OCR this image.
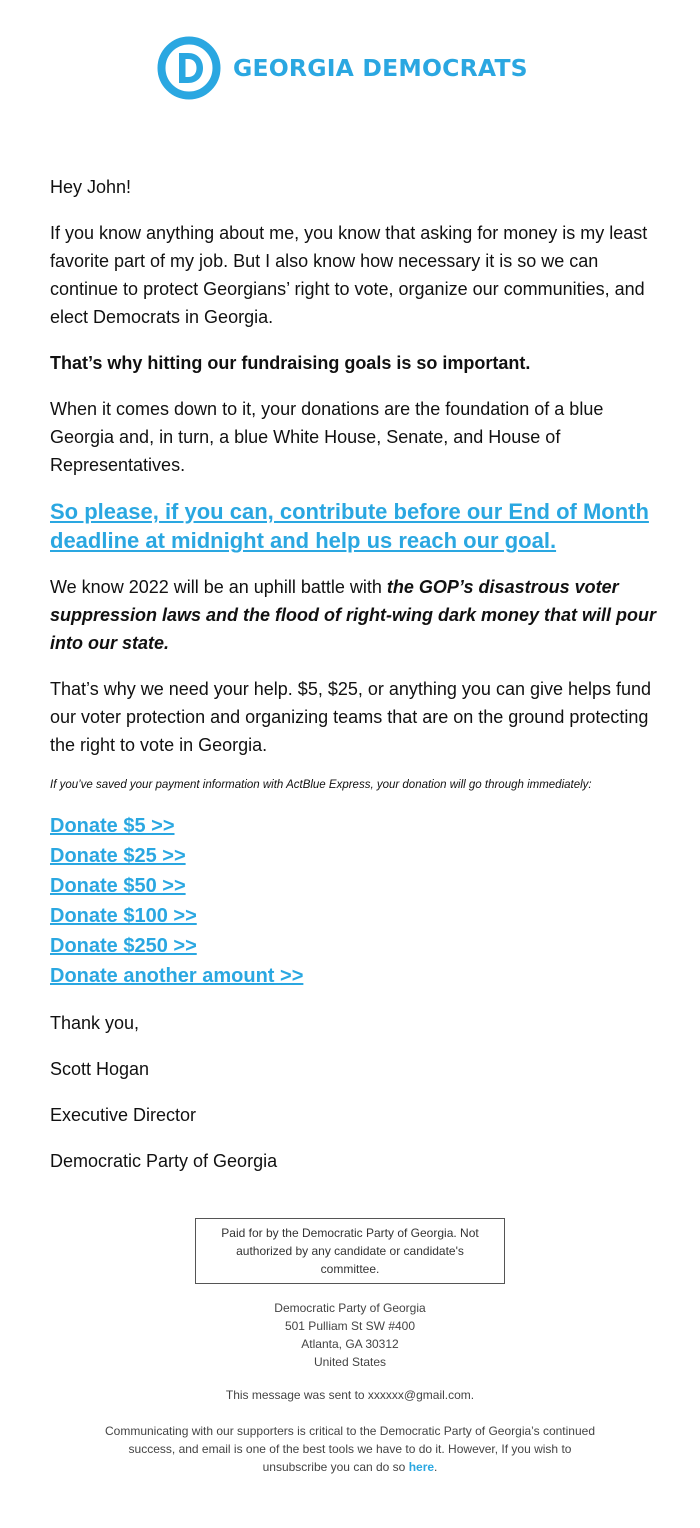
GEORGIA DEMOCRATS

Hey John!

If you know anything about me, you know that asking for money is my least favorite part of my job. But I also know how necessary it is so we can continue to protect Georgians’ right to vote, organize our communities, and elect Democrats in Georgia.

That’s why hitting our fundraising goals is so important.

When it comes down to it, your donations are the foundation of a blue Georgia and, in turn, a blue White House, Senate, and House of Representatives.

So please, if you can, contribute before our End of Month deadline at midnight and help us reach our goal.

We know 2022 will be an uphill battle with the GOP’s disastrous voter suppression laws and the flood of right-wing dark money that will pour into our state.

That’s why we need your help. $5, $25, or anything you can give helps fund our voter protection and organizing teams that are on the ground protecting the right to vote in Georgia.

If you’ve saved your payment information with ActBlue Express, your donation will go through immediately:

Donate $5 >>
Donate $25 >>
Donate $50 >>
Donate $100 >>
Donate $250 >>
Donate another amount >>

Thank you,

Scott Hogan

Executive Director

Democratic Party of Georgia

Paid for by the Democratic Party of Georgia. Not authorized by any candidate or candidate's committee.
Democratic Party of Georgia
501 Pulliam St SW #400
Atlanta, GA 30312
United States
This message was sent to xxxxxx@gmail.com.
Communicating with our supporters is critical to the Democratic Party of Georgia’s continued success, and email is one of the best tools we have to do it. However, If you wish to unsubscribe you can do so here.
